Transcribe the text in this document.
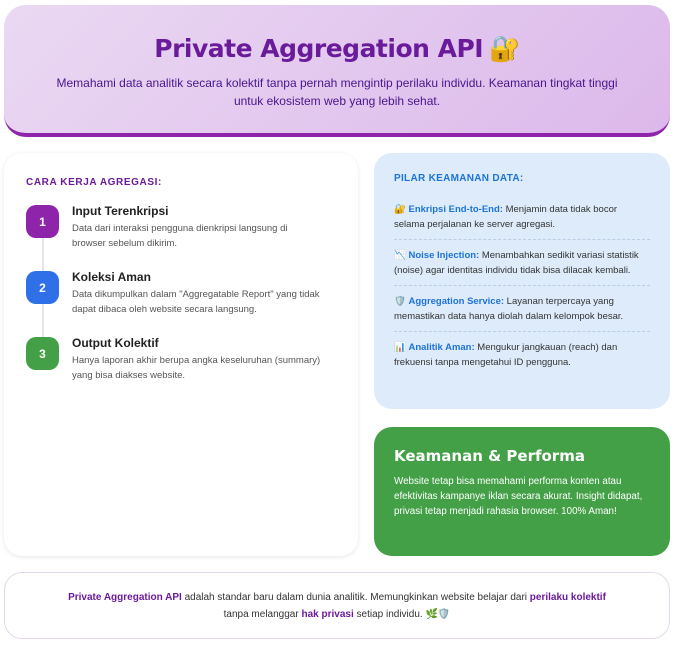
Private Aggregation API 🔐

Memahami data analitik secara kolektif tanpa pernah mengintip perilaku individu. Keamanan tingkat tinggi untuk ekosistem web yang lebih sehat.

CARA KERJA AGREGASI:
1
Input Terenkripsi
Data dari interaksi pengguna dienkripsi langsung di browser sebelum dikirim.
2
Koleksi Aman
Data dikumpulkan dalam "Aggregatable Report" yang tidak dapat dibaca oleh website secara langsung.
3
Output Kolektif
Hanya laporan akhir berupa angka keseluruhan (summary) yang bisa diakses website.
PILAR KEAMANAN DATA:
🔐 Enkripsi End-to-End: Menjamin data tidak bocor selama perjalanan ke server agregasi.
📉 Noise Injection: Menambahkan sedikit variasi statistik (noise) agar identitas individu tidak bisa dilacak kembali.
🛡️ Aggregation Service: Layanan terpercaya yang memastikan data hanya diolah dalam kelompok besar.
📊 Analitik Aman: Mengukur jangkauan (reach) dan frekuensi tanpa mengetahui ID pengguna.
Keamanan & Performa

Website tetap bisa memahami performa konten atau efektivitas kampanye iklan secara akurat. Insight didapat, privasi tetap menjadi rahasia browser. 100% Aman!

Private Aggregation API adalah standar baru dalam dunia analitik. Memungkinkan website belajar dari perilaku kolektif
tanpa melanggar hak privasi setiap individu. 🌿🛡️
